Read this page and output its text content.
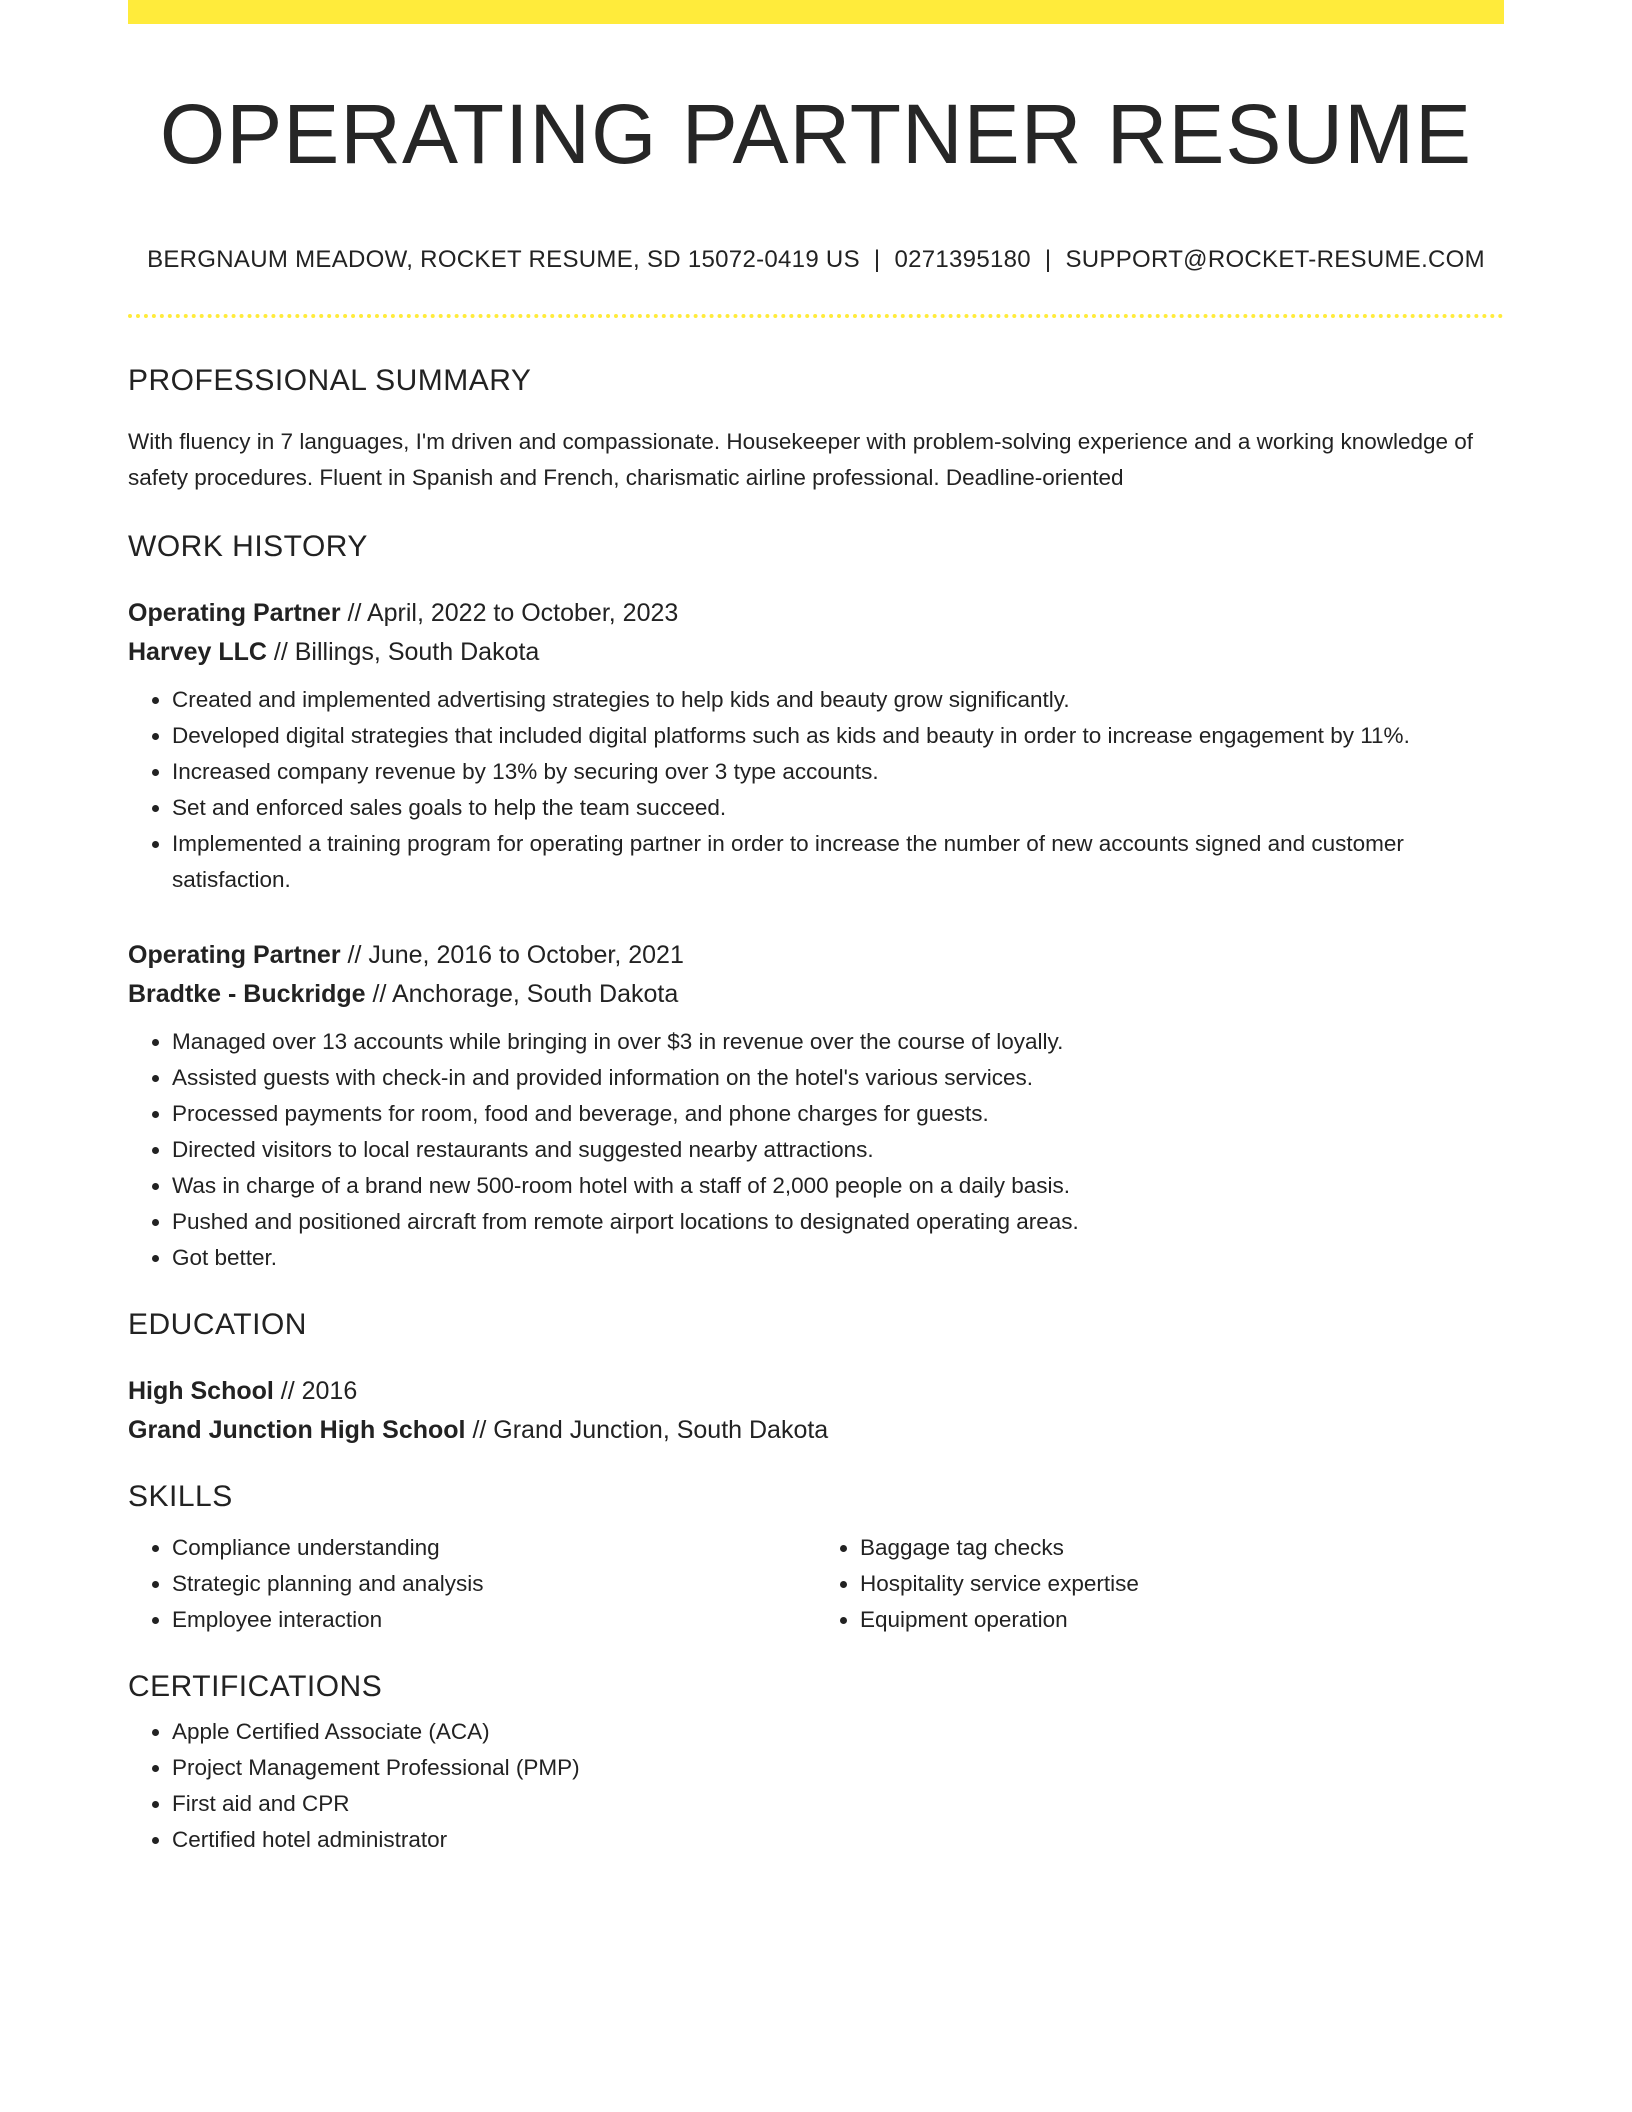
OPERATING PARTNER RESUME
BERGNAUM MEADOW, ROCKET RESUME, SD 15072-0419 US | 0271395180 | SUPPORT@ROCKET-RESUME.COM
PROFESSIONAL SUMMARY

With fluency in 7 languages, I'm driven and compassionate. Housekeeper with problem-solving experience and a working knowledge of safety procedures. Fluent in Spanish and French, charismatic airline professional. Deadline-oriented

WORK HISTORY
Operating Partner // April, 2022 to October, 2023
Harvey LLC // Billings, South Dakota
• Created and implemented advertising strategies to help kids and beauty grow significantly.
• Developed digital strategies that included digital platforms such as kids and beauty in order to increase engagement by 11%.
• Increased company revenue by 13% by securing over 3 type accounts.
• Set and enforced sales goals to help the team succeed.
• Implemented a training program for operating partner in order to increase the number of new accounts signed and customer satisfaction.
Operating Partner // June, 2016 to October, 2021
Bradtke - Buckridge // Anchorage, South Dakota
• Managed over 13 accounts while bringing in over $3 in revenue over the course of loyally.
• Assisted guests with check-in and provided information on the hotel's various services.
• Processed payments for room, food and beverage, and phone charges for guests.
• Directed visitors to local restaurants and suggested nearby attractions.
• Was in charge of a brand new 500-room hotel with a staff of 2,000 people on a daily basis.
• Pushed and positioned aircraft from remote airport locations to designated operating areas.
• Got better.
EDUCATION
High School // 2016
Grand Junction High School // Grand Junction, South Dakota
SKILLS
• Compliance understanding
• Strategic planning and analysis
• Employee interaction
• Baggage tag checks
• Hospitality service expertise
• Equipment operation
CERTIFICATIONS
• Apple Certified Associate (ACA)
• Project Management Professional (PMP)
• First aid and CPR
• Certified hotel administrator
